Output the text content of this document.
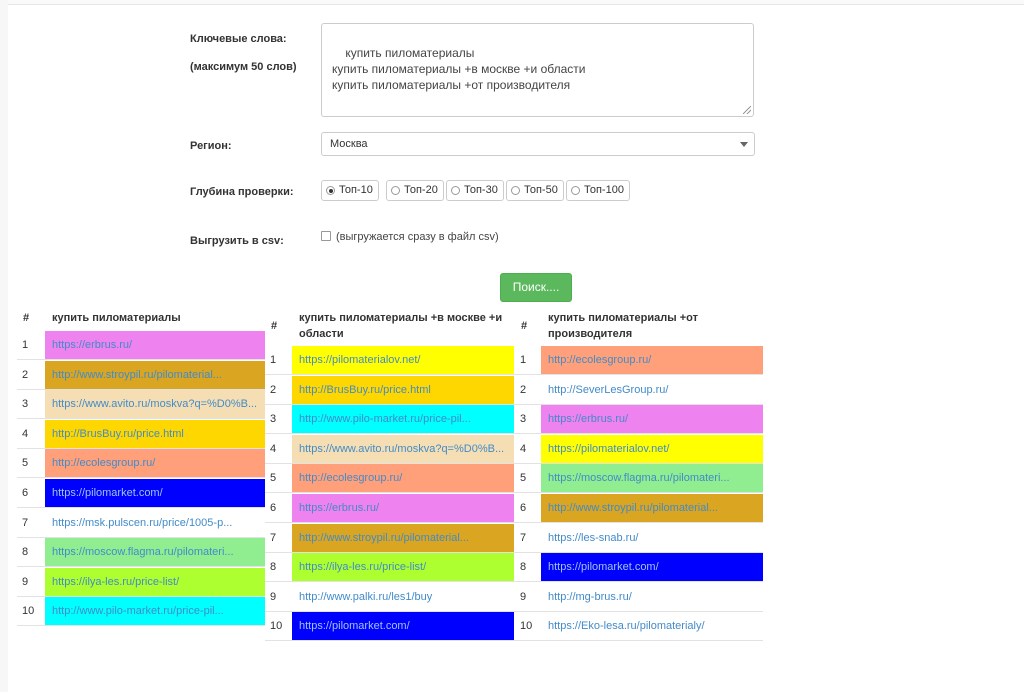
Ключевые слова:
(максимум 50 слов)

купить пиломатериалы
купить пиломатериалы +в москве +и области
купить пиломатериалы +от производителя

Регион:	Москва
Глубина проверки:	Топ-10	Топ-20 Топ-30 Топ-50 Топ-100
Выгрузить в csv:	(выгружается сразу в файл csv)
Поиск....
# купить пиломатериалы
1	https://erbrus.ru/
2	http://www.stroypil.ru/pilomaterial...
3	https://www.avito.ru/moskva?q=%D0%B...
4	http://BrusBuy.ru/price.html
5	http://ecolesgroup.ru/
6	https://pilomarket.com/
7	https://msk.pulscen.ru/price/1005-p...
8	https://moscow.flagma.ru/pilomateri...
9	https://ilya-les.ru/price-list/
10	http://www.pilo-market.ru/price-pil...
#
купить пиломатериалы +в москве +и области
1	https://pilomaterialov.net/
2	http://BrusBuy.ru/price.html
3	http://www.pilo-market.ru/price-pil...
4	https://www.avito.ru/moskva?q=%D0%B...
5	http://ecolesgroup.ru/
6	https://erbrus.ru/
7	http://www.stroypil.ru/pilomaterial...
8	https://ilya-les.ru/price-list/
9	http://www.palki.ru/les1/buy
10	https://pilomarket.com/
#
купить пиломатериалы +от производителя
1	http://ecolesgroup.ru/
2	http://SeverLesGroup.ru/
3	https://erbrus.ru/
4	https://pilomaterialov.net/
5	https://moscow.flagma.ru/pilomateri...
6	http://www.stroypil.ru/pilomaterial...
7	https://les-snab.ru/
8	https://pilomarket.com/
9	http://mg-brus.ru/
10	https://Eko-lesa.ru/pilomaterialy/
